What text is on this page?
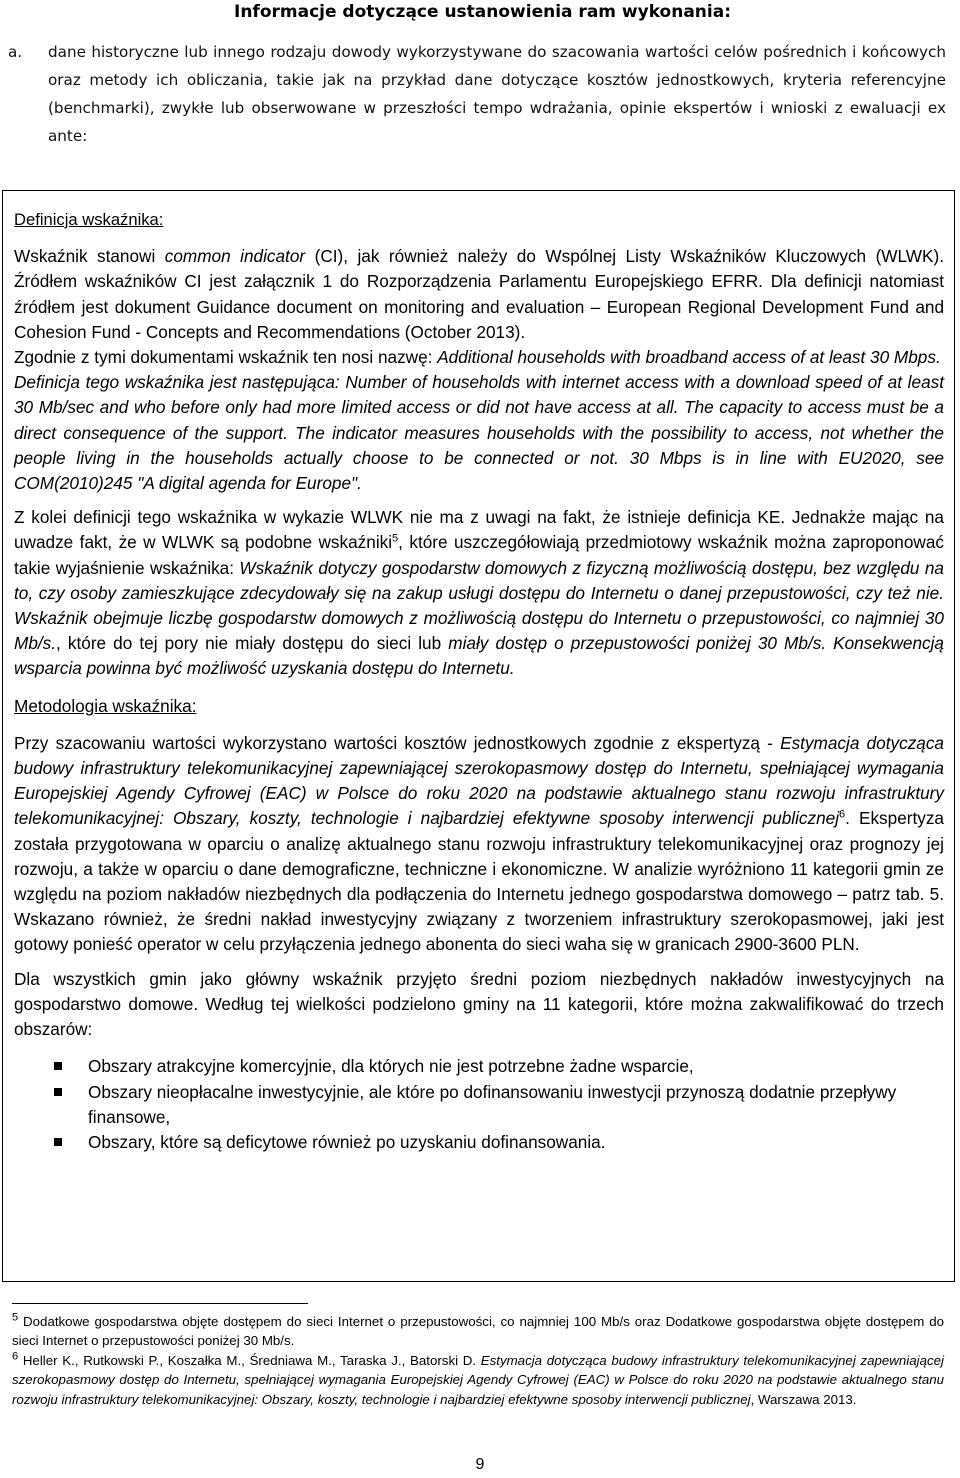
Informacje dotyczące ustanowienia ram wykonania:
a. dane historyczne lub innego rodzaju dowody wykorzystywane do szacowania wartości celów pośrednich i końcowych oraz metody ich obliczania, takie jak na przykład dane dotyczące kosztów jednostkowych, kryteria referencyjne (benchmarki), zwykłe lub obserwowane w przeszłości tempo wdrażania, opinie ekspertów i wnioski z ewaluacji ex ante:

Definicja wskaźnika:

Wskaźnik stanowi common indicator (CI), jak również należy do Wspólnej Listy Wskaźników Kluczowych (WLWK). Źródłem wskaźników CI jest załącznik 1 do Rozporządzenia Parlamentu Europejskiego EFRR. Dla definicji natomiast źródłem jest dokument Guidance document on monitoring and evaluation – European Regional Development Fund and Cohesion Fund - Concepts and Recommendations (October 2013).

Zgodnie z tymi dokumentami wskaźnik ten nosi nazwę: Additional households with broadband access of at least 30 Mbps.

Definicja tego wskaźnika jest następująca: Number of households with internet access with a download speed of at least 30 Mb/sec and who before only had more limited access or did not have access at all. The capacity to access must be a direct consequence of the support. The indicator measures households with the possibility to access, not whether the people living in the households actually choose to be connected or not. 30 Mbps is in line with EU2020, see COM(2010)245 "A digital agenda for Europe".

Z kolei definicji tego wskaźnika w wykazie WLWK nie ma z uwagi na fakt, że istnieje definicja KE. Jednakże mając na uwadze fakt, że w WLWK są podobne wskaźniki$^5$, które uszczegółowiają przedmiotowy wskaźnik można zaproponować takie wyjaśnienie wskaźnika: Wskaźnik dotyczy gospodarstw domowych z fizyczną możliwością dostępu, bez względu na to, czy osoby zamieszkujące zdecydowały się na zakup usługi dostępu do Internetu o danej przepustowości, czy też nie. Wskaźnik obejmuje liczbę gospodarstw domowych z możliwością dostępu do Internetu o przepustowości, co najmniej 30 Mb/s., które do tej pory nie miały dostępu do sieci lub miały dostęp o przepustowości poniżej 30 Mb/s. Konsekwencją wsparcia powinna być możliwość uzyskania dostępu do Internetu.

Metodologia wskaźnika:

Przy szacowaniu wartości wykorzystano wartości kosztów jednostkowych zgodnie z ekspertyzą - Estymacja dotycząca budowy infrastruktury telekomunikacyjnej zapewniającej szerokopasmowy dostęp do Internetu, spełniającej wymagania Europejskiej Agendy Cyfrowej (EAC) w Polsce do roku 2020 na podstawie aktualnego stanu rozwoju infrastruktury telekomunikacyjnej: Obszary, koszty, technologie i najbardziej efektywne sposoby interwencji publicznej$^6$. Ekspertyza została przygotowana w oparciu o analizę aktualnego stanu rozwoju infrastruktury telekomunikacyjnej oraz prognozy jej rozwoju, a także w oparciu o dane demograficzne, techniczne i ekonomiczne. W analizie wyróżniono 11 kategorii gmin ze względu na poziom nakładów niezbędnych dla podłączenia do Internetu jednego gospodarstwa domowego – patrz tab. 5. Wskazano również, że średni nakład inwestycyjny związany z tworzeniem infrastruktury szerokopasmowej, jaki jest gotowy ponieść operator w celu przyłączenia jednego abonenta do sieci waha się w granicach 2900-3600 PLN.

Dla wszystkich gmin jako główny wskaźnik przyjęto średni poziom niezbędnych nakładów inwestycyjnych na gospodarstwo domowe. Według tej wielkości podzielono gminy na 11 kategorii, które można zakwalifikować do trzech obszarów:

Obszary atrakcyjne komercyjnie, dla których nie jest potrzebne żadne wsparcie,
Obszary nieopłacalne inwestycyjnie, ale które po dofinansowaniu inwestycji przynoszą dodatnie przepływy finansowe,
Obszary, które są deficytowe również po uzyskaniu dofinansowania.

$^5$ Dodatkowe gospodarstwa objęte dostępem do sieci Internet o przepustowości, co najmniej 100 Mb/s oraz Dodatkowe gospodarstwa objęte dostępem do sieci Internet o przepustowości poniżej 30 Mb/s.

$^6$ Heller K., Rutkowski P., Koszałka M., Średniawa M., Taraska J., Batorski D. Estymacja dotycząca budowy infrastruktury telekomunikacyjnej zapewniającej szerokopasmowy dostęp do Internetu, spełniającej wymagania Europejskiej Agendy Cyfrowej (EAC) w Polsce do roku 2020 na podstawie aktualnego stanu rozwoju infrastruktury telekomunikacyjnej: Obszary, koszty, technologie i najbardziej efektywne sposoby interwencji publicznej, Warszawa 2013.

9
